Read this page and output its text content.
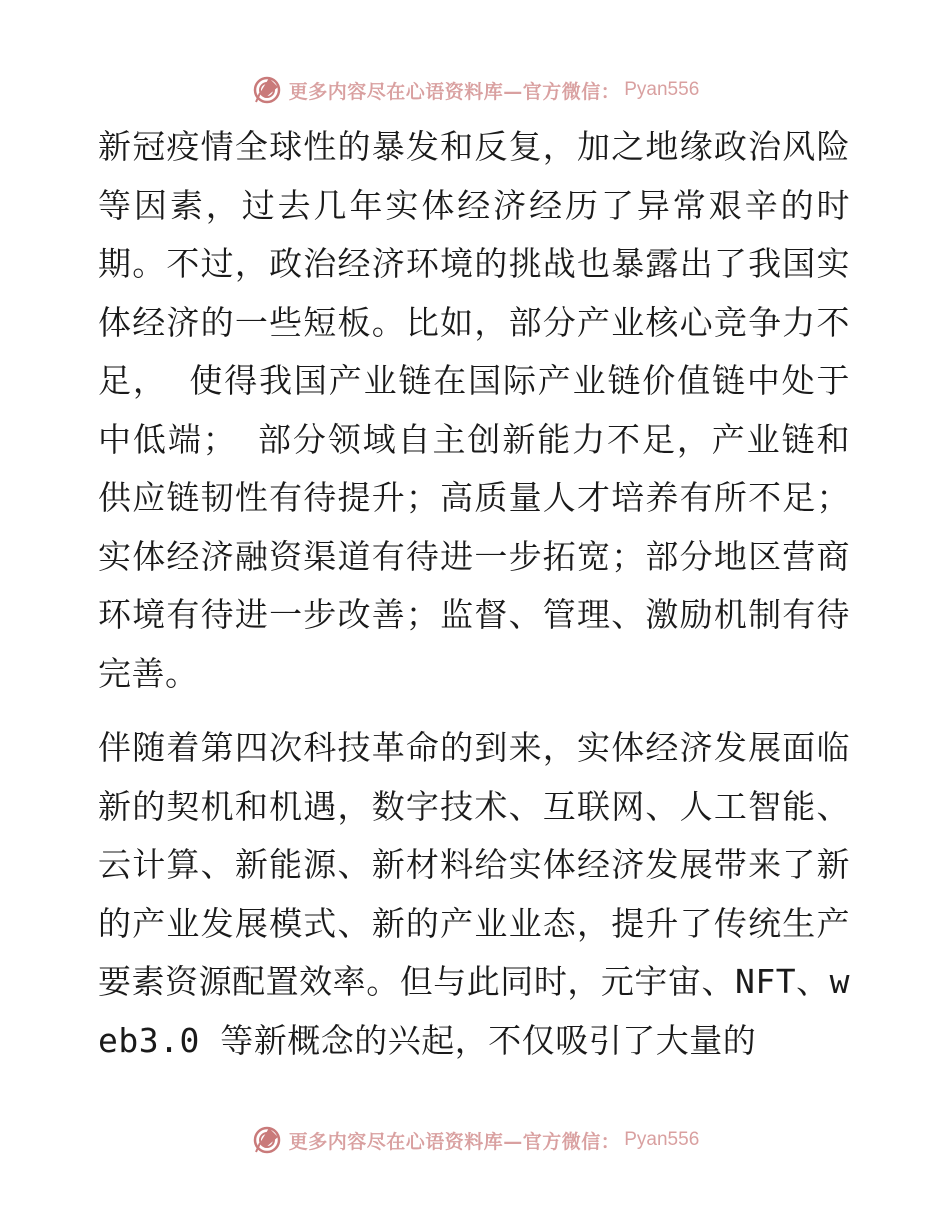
更多内容尽在心语资料库—官方微信： Pyan556

新冠疫情全球性的暴发和反复，加之地缘政治风险等因素，过去几年实体经济经历了异常艰辛的时期。不过，政治经济环境的挑战也暴露出了我国实体经济的一些短板。比如，部分产业核心竞争力不足， 使得我国产业链在国际产业链价值链中处于中低端； 部分领域自主创新能力不足，产业链和供应链韧性有待提升；高质量人才培养有所不足；实体经济融资渠道有待进一步拓宽；部分地区营商环境有待进一步改善；监督、管理、激励机制有待完善。

伴随着第四次科技革命的到来，实体经济发展面临新的契机和机遇，数字技术、互联网、人工智能、云计算、新能源、新材料给实体经济发展带来了新的产业发展模式、新的产业业态，提升了传统生产要素资源配置效率。但与此同时，元宇宙、NFT、web3.0 等新概念的兴起，不仅吸引了大量的

更多内容尽在心语资料库—官方微信： Pyan556
